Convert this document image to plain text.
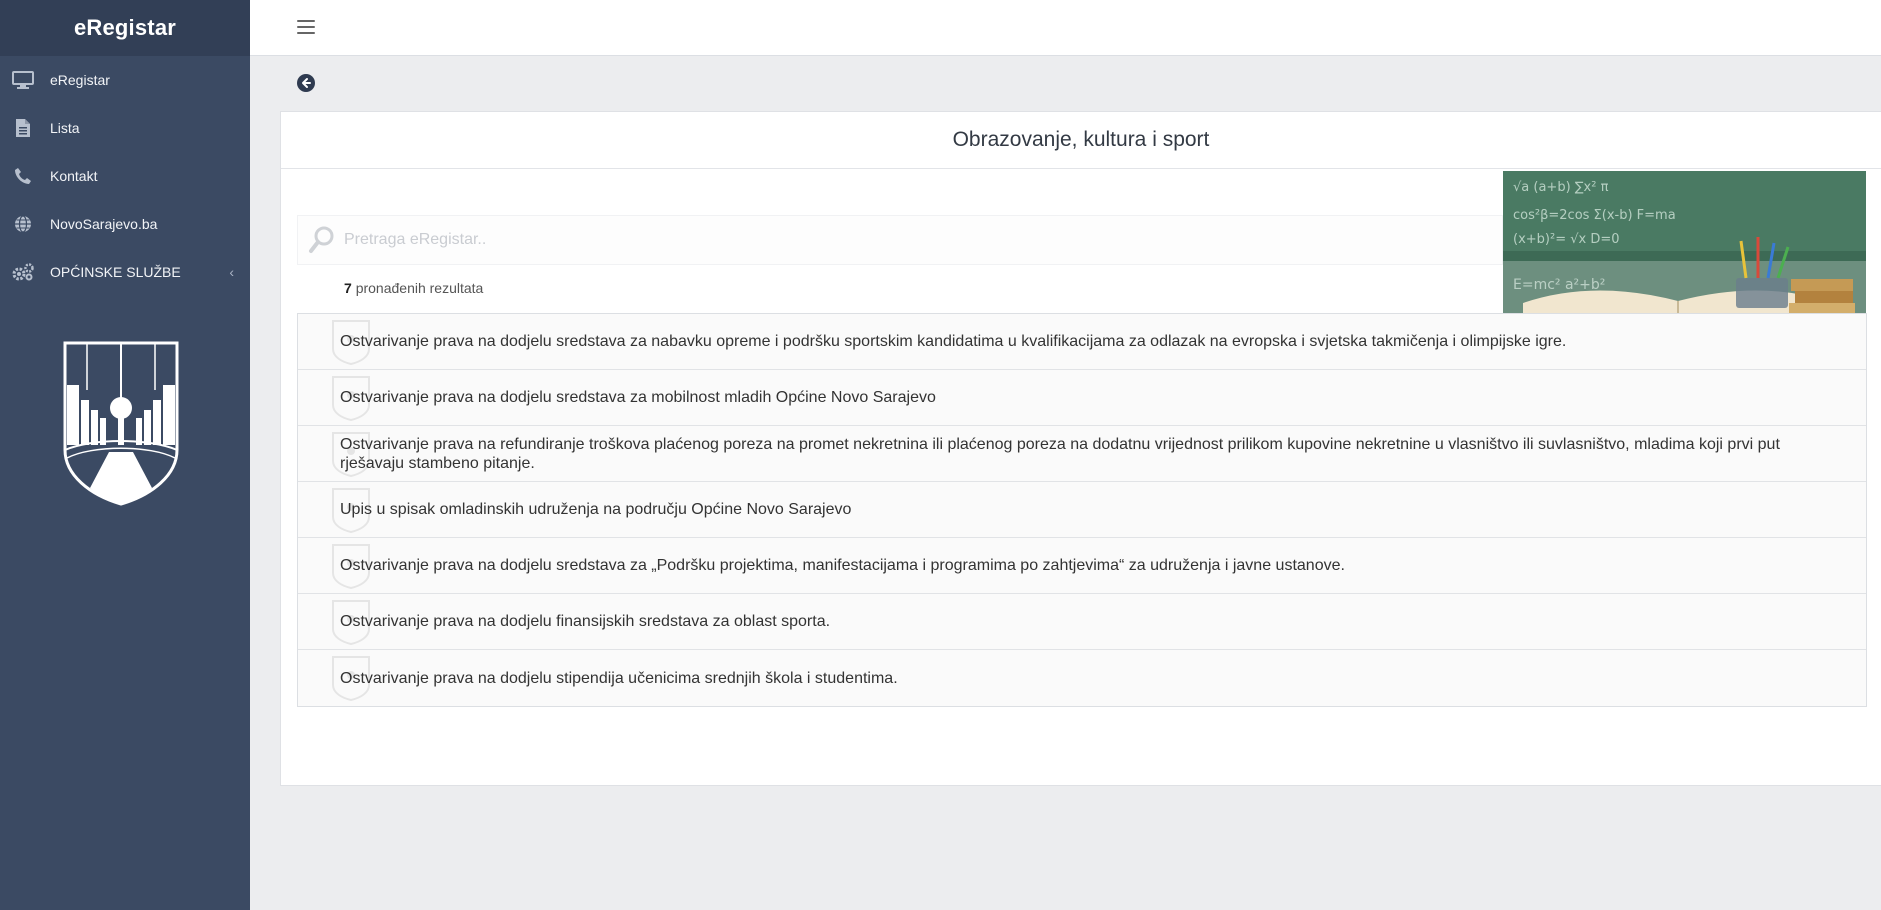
eRegistar
eRegistar
Lista
Kontakt
NovoSarajevo.ba
OPĆINSKE SLUŽBE	‹
Obrazovanje, kultura i sport
√a (a+b) ∑x² π
cos²β=2cos Σ(x-b) F=ma
(x+b)²= √x D=0
E=mc² a²+b²
Pretraga eRegistar..
7 pronađenih rezultata
Ostvarivanje prava na dodjelu sredstava za nabavku opreme i podršku sportskim kandidatima u kvalifikacijama za odlazak na evropska i svjetska takmičenja i olimpijske igre.
Ostvarivanje prava na dodjelu sredstava za mobilnost mladih Općine Novo Sarajevo
Ostvarivanje prava na refundiranje troškova plaćenog poreza na promet nekretnina ili plaćenog poreza na dodatnu vrijednost prilikom kupovine nekretnine u vlasništvo ili suvlasništvo, mladima koji prvi put rješavaju stambeno pitanje.
Upis u spisak omladinskih udruženja na području Općine Novo Sarajevo
Ostvarivanje prava na dodjelu sredstava za „Podršku projektima, manifestacijama i programima po zahtjevima“ za udruženja i javne ustanove.
Ostvarivanje prava na dodjelu finansijskih sredstava za oblast sporta.
Ostvarivanje prava na dodjelu stipendija učenicima srednjih škola i studentima.
